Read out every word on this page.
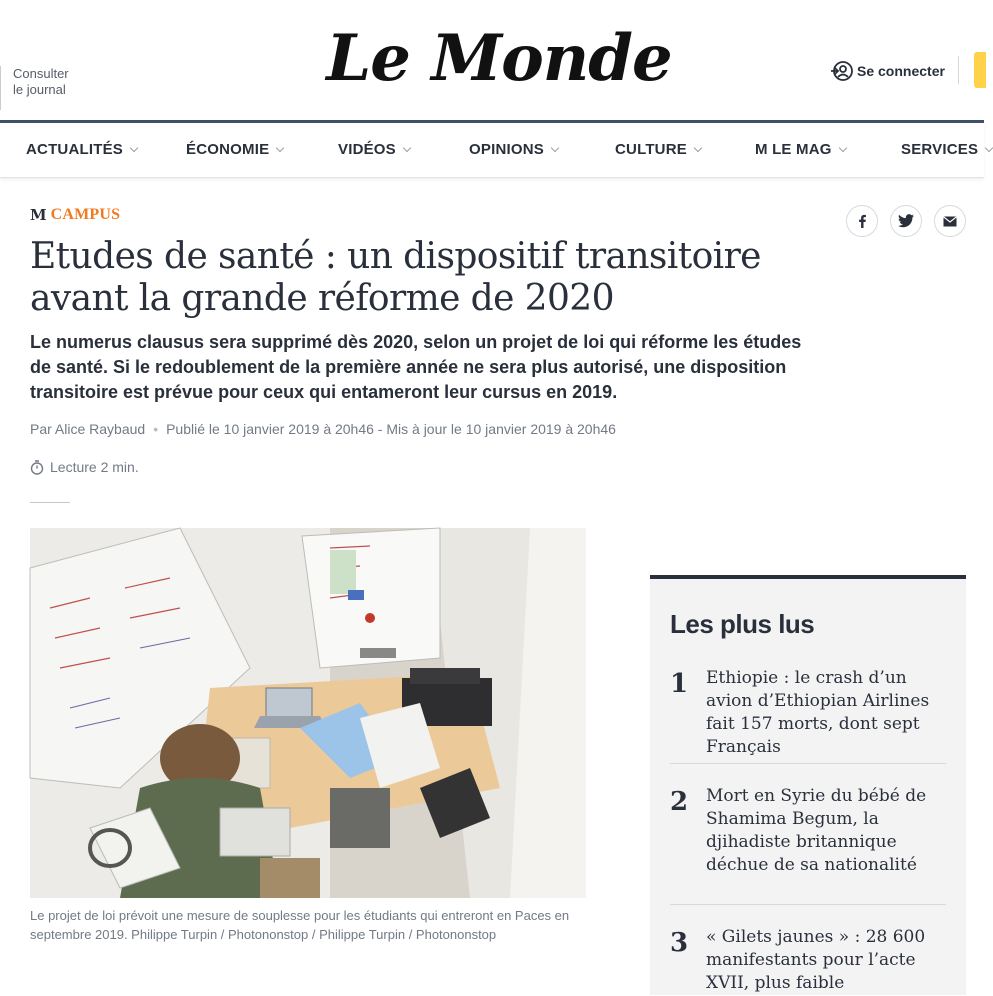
Consulter
le journal	Le Monde	Se connecter
ACTUALITÉS	ÉCONOMIE	VIDÉOS	OPINIONS	CULTURE	M LE MAG	SERVICES
M CAMPUS
Etudes de santé : un dispositif transitoire avant la grande réforme de 2020

Le numerus clausus sera supprimé dès 2020, selon un projet de loi qui réforme les études de santé. Si le redoublement de la première année ne sera plus autorisé, une disposition transitoire est prévue pour ceux qui entameront leur cursus en 2019.

Par Alice Raybaud • Publié le 10 janvier 2019 à 20h46 - Mis à jour le 10 janvier 2019 à 20h46
Lecture 2 min.

Le projet de loi prévoit une mesure de souplesse pour les étudiants qui entreront en Paces en septembre 2019. Philippe Turpin / Photononstop / Philippe Turpin / Photononstop

Les plus lus
1 Ethiopie : le crash d’un avion d’Ethiopian Airlines fait 157 morts, dont sept Français
2 Mort en Syrie du bébé de Shamima Begum, la djihadiste britannique déchue de sa nationalité
3 « Gilets jaunes » : 28 600 manifestants pour l’acte XVII, plus faible
